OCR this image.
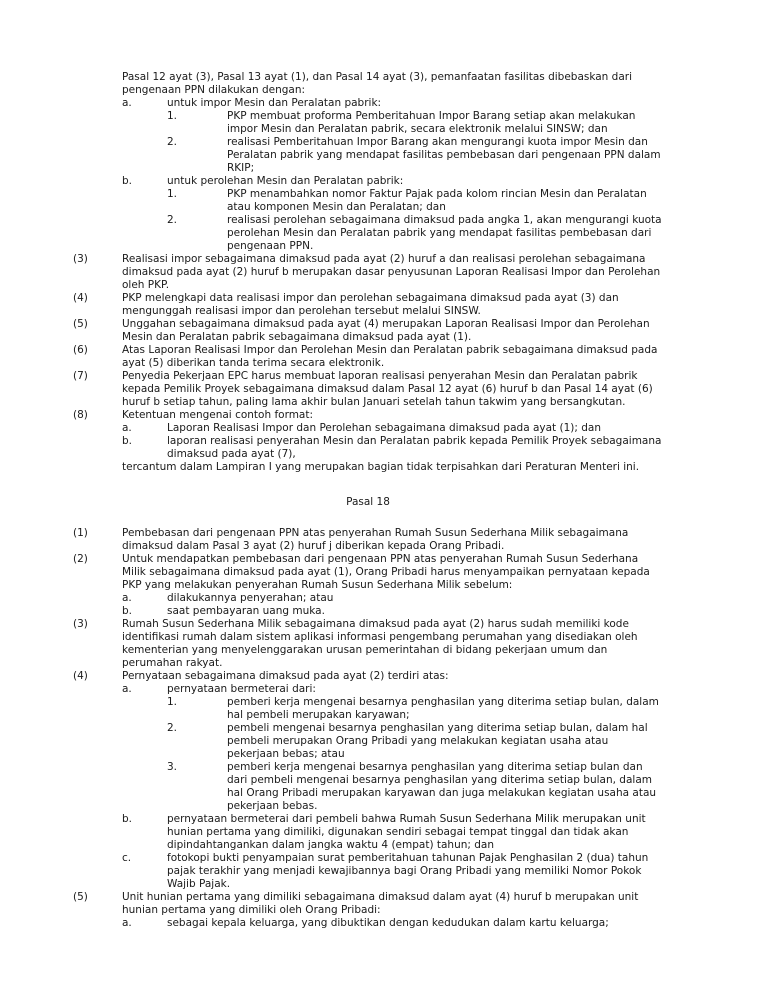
Pasal 12 ayat (3), Pasal 13 ayat (1), dan Pasal 14 ayat (3), pemanfaatan fasilitas dibebaskan dari pengenaan PPN dilakukan dengan:
a.	untuk impor Mesin dan Peralatan pabrik:
1.	PKP membuat proforma Pemberitahuan Impor Barang setiap akan melakukan impor Mesin dan Peralatan pabrik, secara elektronik melalui SINSW; dan
2.	realisasi Pemberitahuan Impor Barang akan mengurangi kuota impor Mesin dan Peralatan pabrik yang mendapat fasilitas pembebasan dari pengenaan PPN dalam RKIP;
b.	untuk perolehan Mesin dan Peralatan pabrik:
1.	PKP menambahkan nomor Faktur Pajak pada kolom rincian Mesin dan Peralatan atau komponen Mesin dan Peralatan; dan
2.	realisasi perolehan sebagaimana dimaksud pada angka 1, akan mengurangi kuota perolehan Mesin dan Peralatan pabrik yang mendapat fasilitas pembebasan dari pengenaan PPN.
(3)	Realisasi impor sebagaimana dimaksud pada ayat (2) huruf a dan realisasi perolehan sebagaimana dimaksud pada ayat (2) huruf b merupakan dasar penyusunan Laporan Realisasi Impor dan Perolehan oleh PKP.
(4)	PKP melengkapi data realisasi impor dan perolehan sebagaimana dimaksud pada ayat (3) dan mengunggah realisasi impor dan perolehan tersebut melalui SINSW.
(5)	Unggahan sebagaimana dimaksud pada ayat (4) merupakan Laporan Realisasi Impor dan Perolehan Mesin dan Peralatan pabrik sebagaimana dimaksud pada ayat (1).
(6)	Atas Laporan Realisasi Impor dan Perolehan Mesin dan Peralatan pabrik sebagaimana dimaksud pada ayat (5) diberikan tanda terima secara elektronik.
(7)	Penyedia Pekerjaan EPC harus membuat laporan realisasi penyerahan Mesin dan Peralatan pabrik kepada Pemilik Proyek sebagaimana dimaksud dalam Pasal 12 ayat (6) huruf b dan Pasal 14 ayat (6) huruf b setiap tahun, paling lama akhir bulan Januari setelah tahun takwim yang bersangkutan.
(8)	Ketentuan mengenai contoh format:
a.	Laporan Realisasi Impor dan Perolehan sebagaimana dimaksud pada ayat (1); dan
b.	laporan realisasi penyerahan Mesin dan Peralatan pabrik kepada Pemilik Proyek sebagaimana dimaksud pada ayat (7),
tercantum dalam Lampiran I yang merupakan bagian tidak terpisahkan dari Peraturan Menteri ini.
Pasal 18
(1)	Pembebasan dari pengenaan PPN atas penyerahan Rumah Susun Sederhana Milik sebagaimana dimaksud dalam Pasal 3 ayat (2) huruf j diberikan kepada Orang Pribadi.
(2)	Untuk mendapatkan pembebasan dari pengenaan PPN atas penyerahan Rumah Susun Sederhana Milik sebagaimana dimaksud pada ayat (1), Orang Pribadi harus menyampaikan pernyataan kepada PKP yang melakukan penyerahan Rumah Susun Sederhana Milik sebelum:
a.	dilakukannya penyerahan; atau
b.	saat pembayaran uang muka.
(3)	Rumah Susun Sederhana Milik sebagaimana dimaksud pada ayat (2) harus sudah memiliki kode identifikasi rumah dalam sistem aplikasi informasi pengembang perumahan yang disediakan oleh kementerian yang menyelenggarakan urusan pemerintahan di bidang pekerjaan umum dan perumahan rakyat.
(4)	Pernyataan sebagaimana dimaksud pada ayat (2) terdiri atas:
a.	pernyataan bermeterai dari:
1.	pemberi kerja mengenai besarnya penghasilan yang diterima setiap bulan, dalam hal pembeli merupakan karyawan;
2.	pembeli mengenai besarnya penghasilan yang diterima setiap bulan, dalam hal pembeli merupakan Orang Pribadi yang melakukan kegiatan usaha atau pekerjaan bebas; atau
3.	pemberi kerja mengenai besarnya penghasilan yang diterima setiap bulan dan dari pembeli mengenai besarnya penghasilan yang diterima setiap bulan, dalam hal Orang Pribadi merupakan karyawan dan juga melakukan kegiatan usaha atau pekerjaan bebas.
b.	pernyataan bermeterai dari pembeli bahwa Rumah Susun Sederhana Milik merupakan unit hunian pertama yang dimiliki, digunakan sendiri sebagai tempat tinggal dan tidak akan dipindahtangankan dalam jangka waktu 4 (empat) tahun; dan
c.	fotokopi bukti penyampaian surat pemberitahuan tahunan Pajak Penghasilan 2 (dua) tahun pajak terakhir yang menjadi kewajibannya bagi Orang Pribadi yang memiliki Nomor Pokok Wajib Pajak.
(5)	Unit hunian pertama yang dimiliki sebagaimana dimaksud dalam ayat (4) huruf b merupakan unit hunian pertama yang dimiliki oleh Orang Pribadi:
a.	sebagai kepala keluarga, yang dibuktikan dengan kedudukan dalam kartu keluarga;
